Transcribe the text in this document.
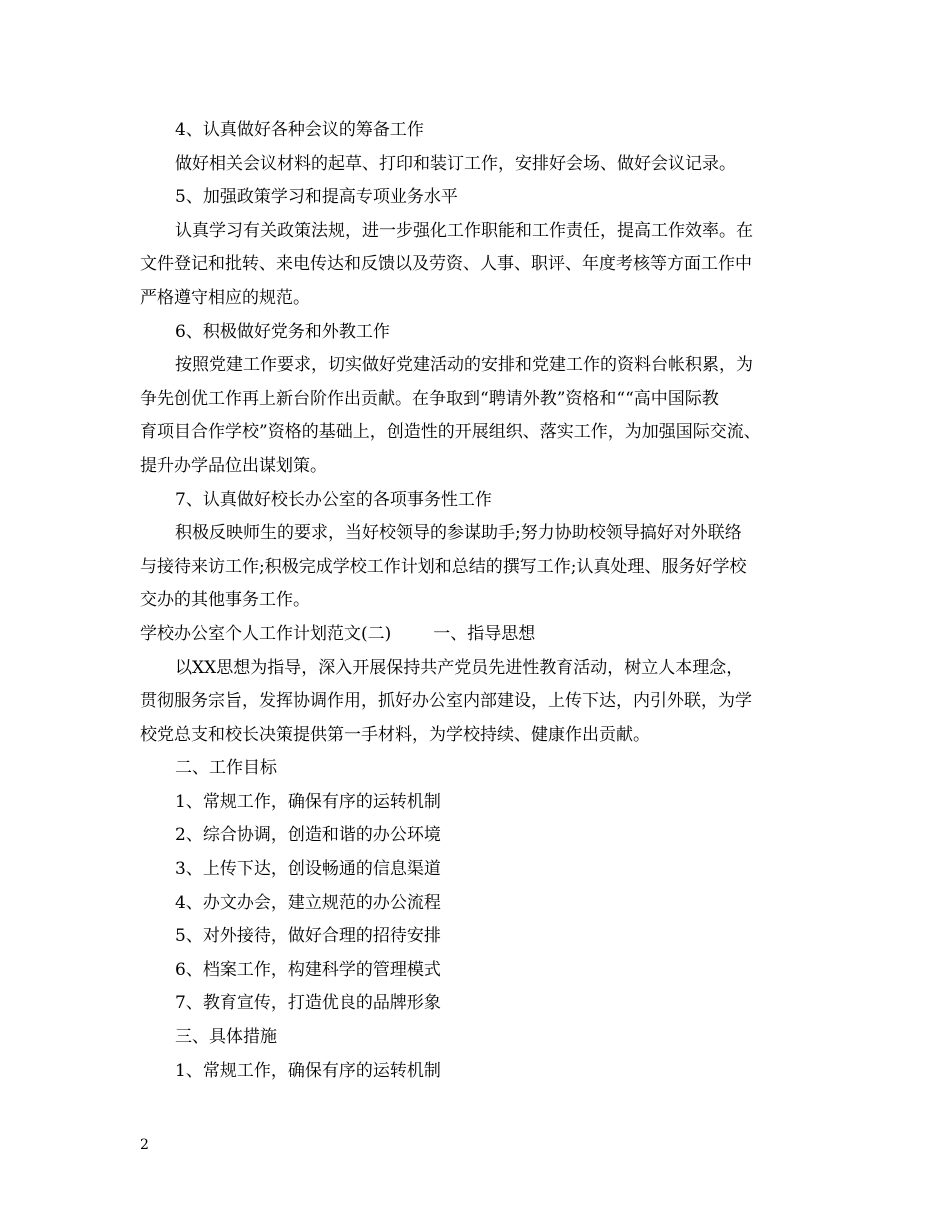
4、认真做好各种会议的筹备工作
做好相关会议材料的起草、打印和装订工作，安排好会场、做好会议记录。
5、加强政策学习和提高专项业务水平
认真学习有关政策法规，进一步强化工作职能和工作责任，提高工作效率。在
文件登记和批转、来电传达和反馈以及劳资、人事、职评、年度考核等方面工作中
严格遵守相应的规范。
6、积极做好党务和外教工作
按照党建工作要求，切实做好党建活动的安排和党建工作的资料台帐积累，为
争先创优工作再上新台阶作出贡献。在争取到“聘请外教”资格和““高中国际教
育项目合作学校”资格的基础上，创造性的开展组织、落实工作，为加强国际交流、
提升办学品位出谋划策。
7、认真做好校长办公室的各项事务性工作
积极反映师生的要求，当好校领导的参谋助手;努力协助校领导搞好对外联络
与接待来访工作;积极完成学校工作计划和总结的撰写工作;认真处理、服务好学校
交办的其他事务工作。
学校办公室个人工作计划范文(二) 一、指导思想
以XX思想为指导，深入开展保持共产党员先进性教育活动，树立人本理念，
贯彻服务宗旨，发挥协调作用，抓好办公室内部建设，上传下达，内引外联，为学
校党总支和校长决策提供第一手材料，为学校持续、健康作出贡献。
二、工作目标
1、常规工作，确保有序的运转机制
2、综合协调，创造和谐的办公环境
3、上传下达，创设畅通的信息渠道
4、办文办会，建立规范的办公流程
5、对外接待，做好合理的招待安排
6、档案工作，构建科学的管理模式
7、教育宣传，打造优良的品牌形象
三、具体措施
1、常规工作，确保有序的运转机制
2
